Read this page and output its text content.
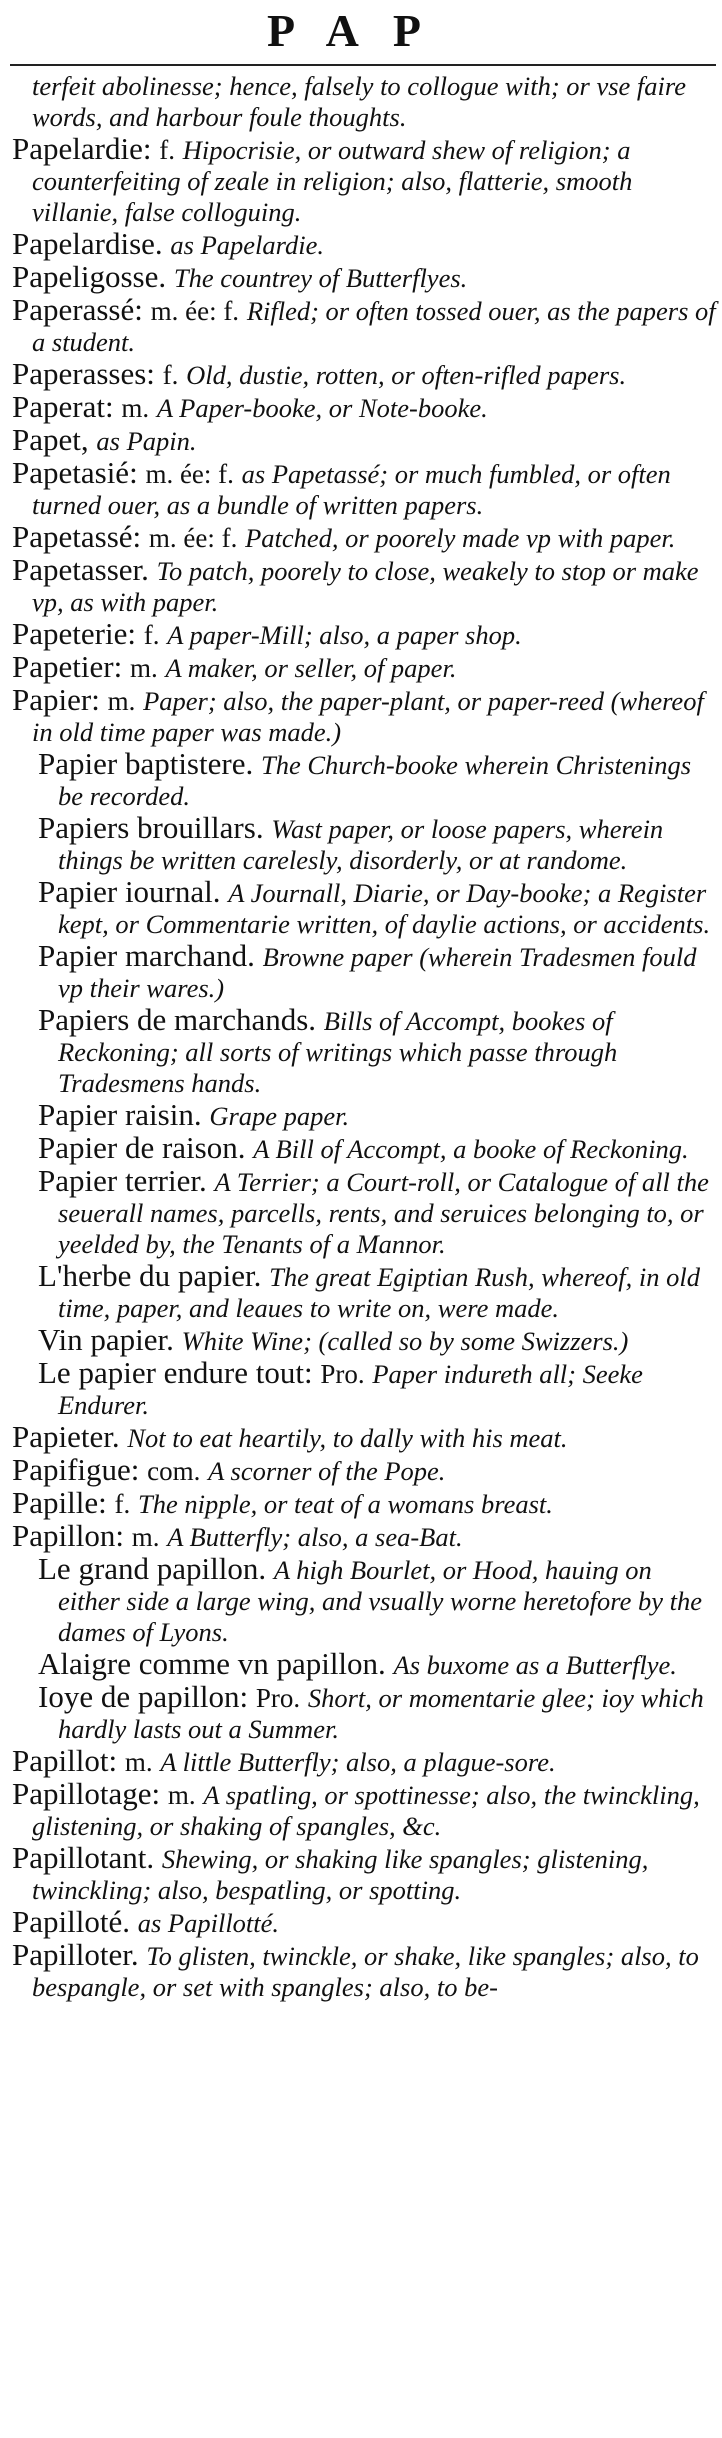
PAP
terfeit abolinesse; hence, falsely to collogue with; or vse faire words, and harbour foule thoughts.
Papelardie: f. Hipocrisie, or outward shew of religion; a counterfeiting of zeale in religion; also, flatterie, smooth villanie, false colloguing.
Papelardise. as Papelardie.
Papeligosse. The countrey of Butterflyes.
Paperassé: m. ée: f. Rifled; or often tossed ouer, as the papers of a student.
Paperasses: f. Old, dustie, rotten, or often-rifled papers.
Paperat: m. A Paper-booke, or Note-booke.
Papet, as Papin.
Papetasié: m. ée: f. as Papetassé; or much fumbled, or often turned ouer, as a bundle of written papers.
Papetassé: m. ée: f. Patched, or poorely made vp with paper.
Papetasser. To patch, poorely to close, weakely to stop or make vp, as with paper.
Papeterie: f. A paper-Mill; also, a paper shop.
Papetier: m. A maker, or seller, of paper.
Papier: m. Paper; also, the paper-plant, or paper-reed (whereof in old time paper was made.)
Papier baptistere. The Church-booke wherein Christenings be recorded.
Papiers brouillars. Wast paper, or loose papers, wherein things be written carelesly, disorderly, or at randome.
Papier iournal. A Journall, Diarie, or Day-booke; a Register kept, or Commentarie written, of daylie actions, or accidents.
Papier marchand. Browne paper (wherein Tradesmen fould vp their wares.)
Papiers de marchands. Bills of Accompt, bookes of Reckoning; all sorts of writings which passe through Tradesmens hands.
Papier raisin. Grape paper.
Papier de raison. A Bill of Accompt, a booke of Reckoning.
Papier terrier. A Terrier; a Court-roll, or Catalogue of all the seuerall names, parcells, rents, and seruices belonging to, or yeelded by, the Tenants of a Mannor.
L'herbe du papier. The great Egiptian Rush, whereof, in old time, paper, and leaues to write on, were made.
Vin papier. White Wine; (called so by some Swizzers.)
Le papier endure tout: Pro. Paper indureth all; Seeke Endurer.
Papieter. Not to eat heartily, to dally with his meat.
Papifigue: com. A scorner of the Pope.
Papille: f. The nipple, or teat of a womans breast.
Papillon: m. A Butterfly; also, a sea-Bat.
Le grand papillon. A high Bourlet, or Hood, hauing on either side a large wing, and vsually worne heretofore by the dames of Lyons.
Alaigre comme vn papillon. As buxome as a Butterflye.
Ioye de papillon: Pro. Short, or momentarie glee; ioy which hardly lasts out a Summer.
Papillot: m. A little Butterfly; also, a plague-sore.
Papillotage: m. A spatling, or spottinesse; also, the twinckling, glistening, or shaking of spangles, &c.
Papillotant. Shewing, or shaking like spangles; glistening, twinckling; also, bespatling, or spotting.
Papilloté. as Papillotté.
Papilloter. To glisten, twinckle, or shake, like spangles; also, to bespangle, or set with spangles; also, to be-
